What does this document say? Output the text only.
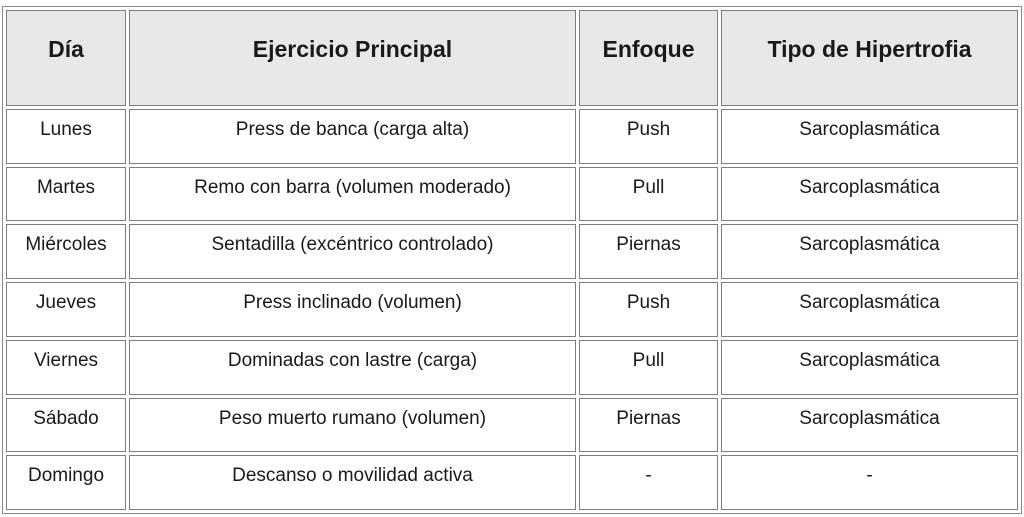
Día	Ejercicio Principal	Enfoque	Tipo de Hipertrofia
Lunes	Press de banca (carga alta)	Push	Sarcoplasmática
Martes	Remo con barra (volumen moderado)	Pull	Sarcoplasmática
Miércoles	Sentadilla (excéntrico controlado)	Piernas	Sarcoplasmática
Jueves	Press inclinado (volumen)	Push	Sarcoplasmática
Viernes	Dominadas con lastre (carga)	Pull	Sarcoplasmática
Sábado	Peso muerto rumano (volumen)	Piernas	Sarcoplasmática
Domingo	Descanso o movilidad activa	-	-
